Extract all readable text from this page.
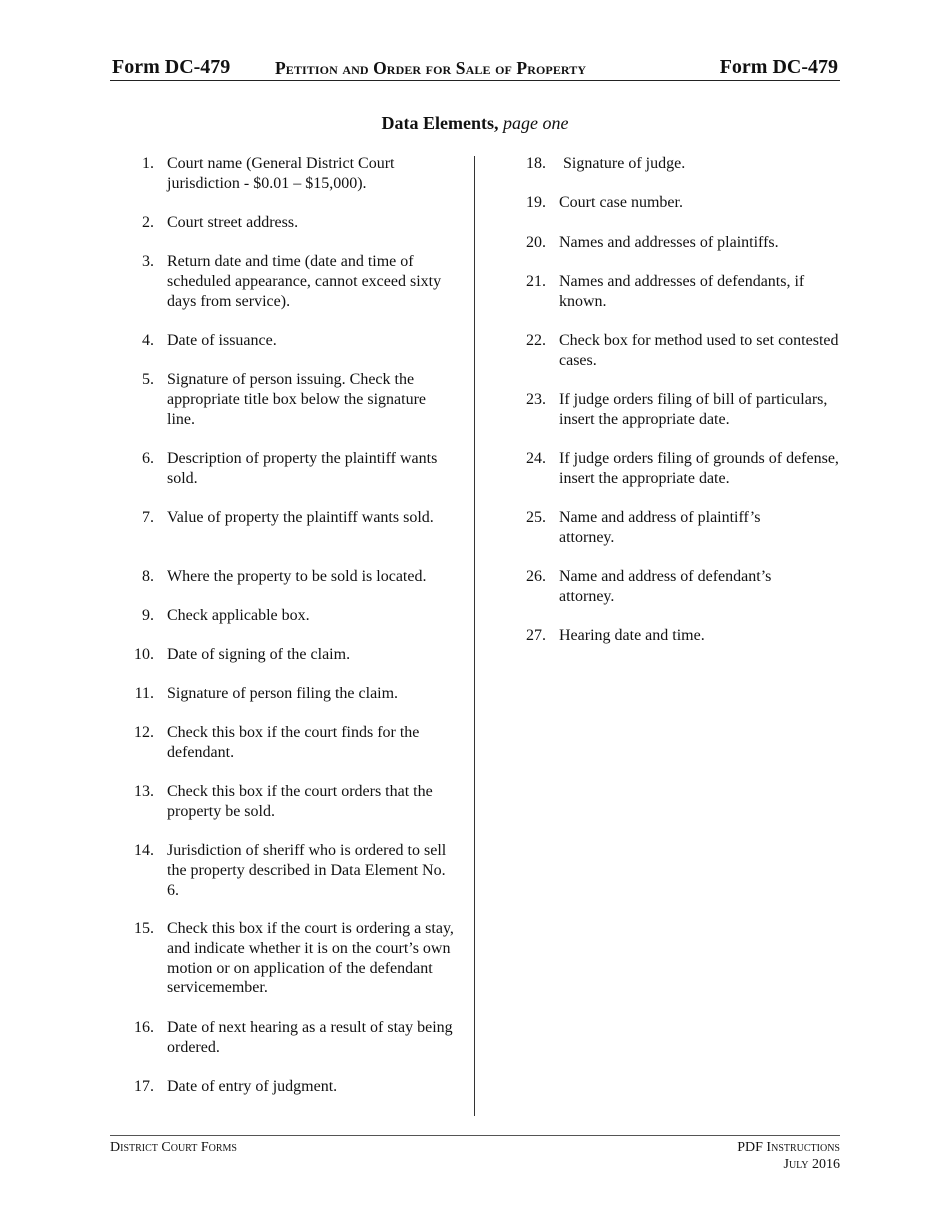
Form DC-479	Petition and Order for Sale of Property	Form DC-479
Data Elements, page one
1. Court name (General District Court jurisdiction - $0.01 – $15,000).
2. Court street address.
3. Return date and time (date and time of scheduled appearance, cannot exceed sixty days from service).
4. Date of issuance.
5. Signature of person issuing. Check the appropriate title box below the signature line.
6. Description of property the plaintiff wants sold.
7. Value of property the plaintiff wants sold.
8. Where the property to be sold is located.
9. Check applicable box.
10. Date of signing of the claim.
11. Signature of person filing the claim.
12. Check this box if the court finds for the defendant.
13. Check this box if the court orders that the property be sold.
14. Jurisdiction of sheriff who is ordered to sell the property described in Data Element No. 6.
15. Check this box if the court is ordering a stay, and indicate whether it is on the court’s own motion or on application of the defendant servicemember.
16. Date of next hearing as a result of stay being ordered.
17. Date of entry of judgment.
18. Signature of judge.
19. Court case number.
20. Names and addresses of plaintiffs.
21. Names and addresses of defendants, if known.
22. Check box for method used to set contested cases.
23. If judge orders filing of bill of particulars, insert the appropriate date.
24. If judge orders filing of grounds of defense, insert the appropriate date.
25. Name and address of plaintiff’s attorney.
26. Name and address of defendant’s attorney.
27. Hearing date and time.
District Court Forms	PDF Instructions
July 2016
